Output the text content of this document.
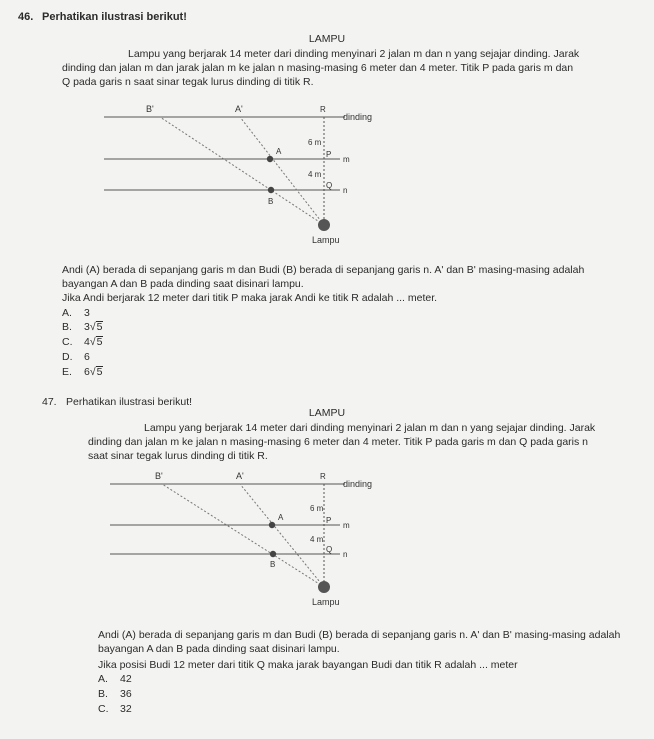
46. Perhatikan ilustrasi berikut!
LAMPU
Lampu yang berjarak 14 meter dari dinding menyinari 2 jalan m dan n yang sejajar dinding. Jarak
dinding dan jalan m dan jarak jalan m ke jalan n masing-masing 6 meter dan 4 meter. Titik P pada garis m dan
Q pada garis n saat sinar tegak lurus dinding di titik R.
B'	A'	R
dinding
6 m
A	P
m
4 m
Q
n
B
Lampu
Andi (A) berada di sepanjang garis m dan Budi (B) berada di sepanjang garis n. A' dan B' masing-masing adalah
bayangan A dan B pada dinding saat disinari lampu.
Jika Andi berjarak 12 meter dari titik P maka jarak Andi ke titik R adalah ... meter.
A. 3
B. 3√5
C. 4√5
D. 6
E. 6√5
47. Perhatikan ilustrasi berikut!
LAMPU
Lampu yang berjarak 14 meter dari dinding menyinari 2 jalan m dan n yang sejajar dinding. Jarak
dinding dan jalan m ke jalan n masing-masing 6 meter dan 4 meter. Titik P pada garis m dan Q pada garis n
saat sinar tegak lurus dinding di titik R.
B'	A'	R
dinding
6 m
A	P
m
4 m
Q
n
B
Lampu
Andi (A) berada di sepanjang garis m dan Budi (B) berada di sepanjang garis n. A' dan B' masing-masing adalah
bayangan A dan B pada dinding saat disinari lampu.
Jika posisi Budi 12 meter dari titik Q maka jarak bayangan Budi dan titik R adalah ... meter
A. 42
B. 36
C. 32
